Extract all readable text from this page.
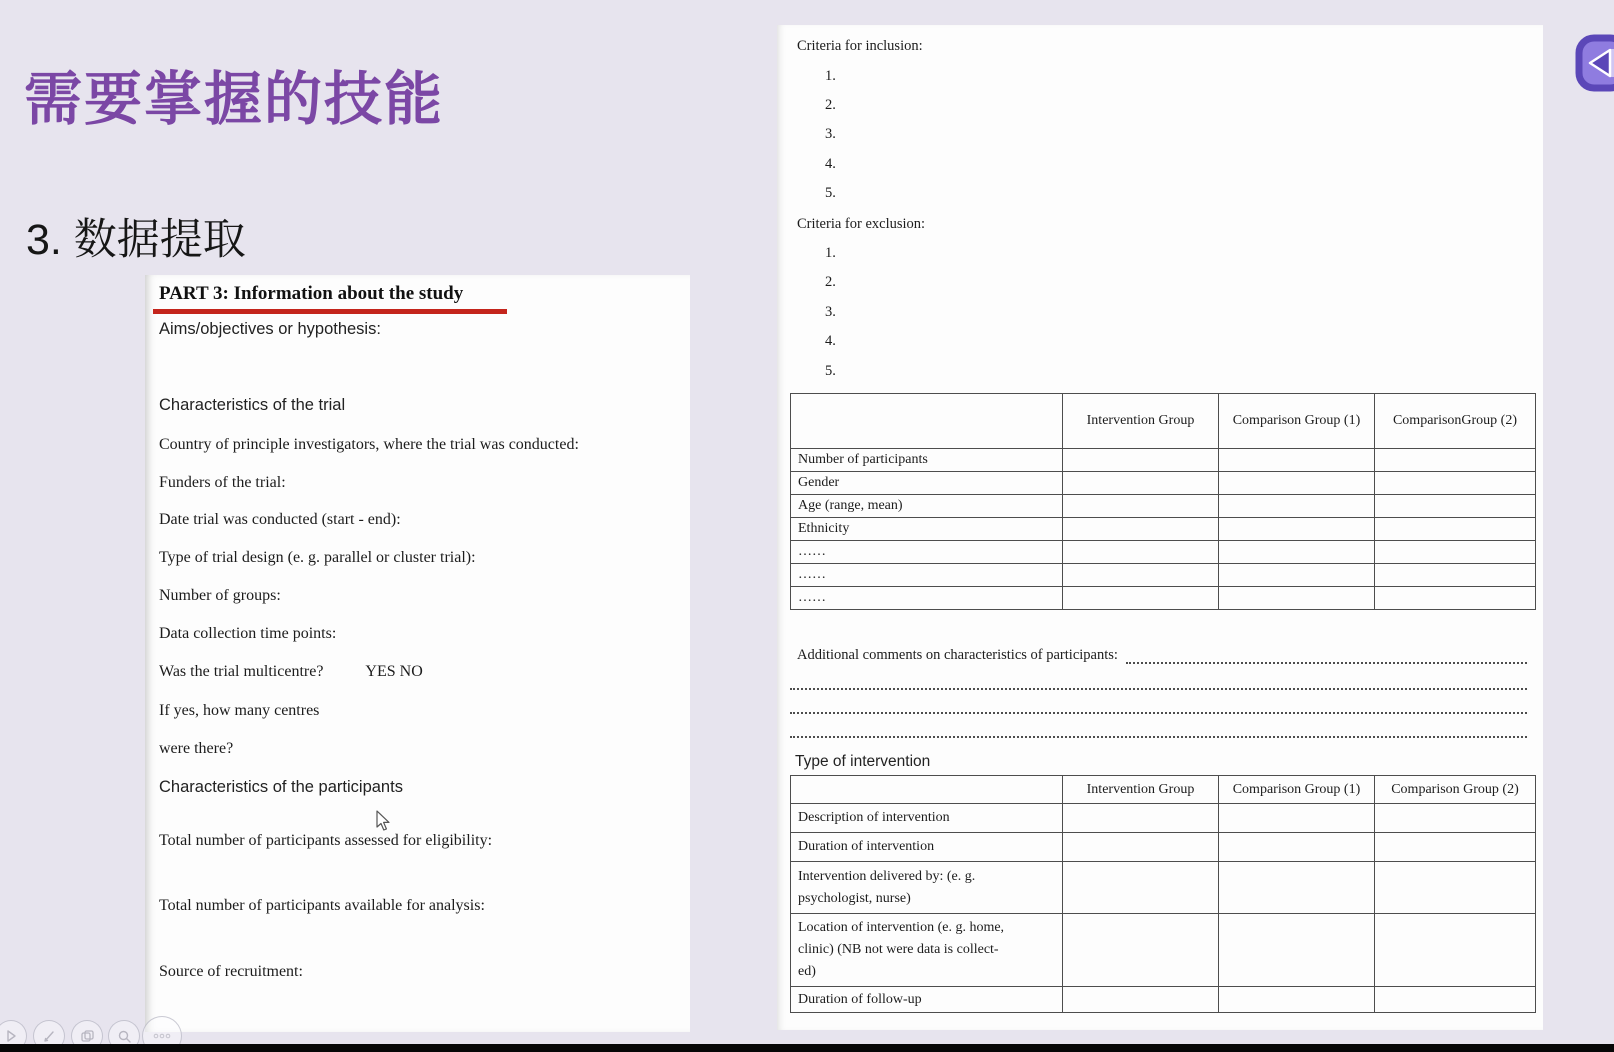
需要掌握的技能
3. 数据提取
PART 3: Information about the study
Aims/objectives or hypothesis:
Characteristics of the trial
Country of principle investigators, where the trial was conducted:
Funders of the trial:
Date trial was conducted (start - end):
Type of trial design (e. g. parallel or cluster trial):
Number of groups:
Data collection time points:
Was the trial multicentre?	YES NO
If yes, how many centres
were there?
Characteristics of the participants
Total number of participants assessed for eligibility:
Total number of participants available for analysis:
Source of recruitment:
Criteria for inclusion:
1.
2.
3.
4.
5.
Criteria for exclusion:
1.
2.
3.
4.
5.
	Intervention Group	Comparison Group (1)	ComparisonGroup (2)
Number of participants			
Gender			
Age (range, mean)			
Ethnicity			
……			
……			
……			
Additional comments on characteristics of participants:
Type of intervention
	Intervention Group	Comparison Group (1)	Comparison Group (2)
Description of intervention			
Duration of intervention			

Intervention delivered by: (e. g.
psychologist, nurse)			

Location of intervention (e. g. home,
clinic) (NB not were data is collect-
ed)			

Duration of follow-up			
